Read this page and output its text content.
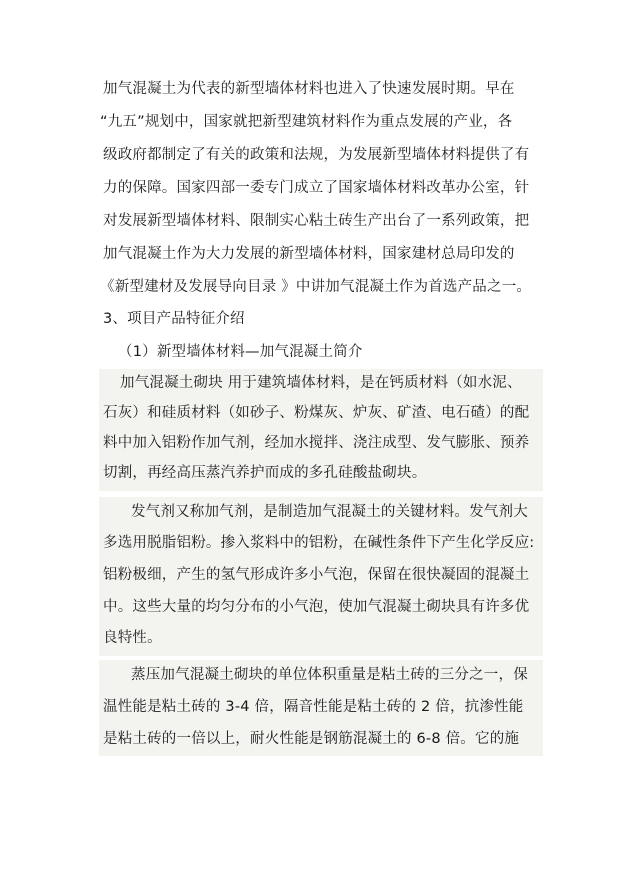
加气混凝土为代表的新型墙体材料也进入了快速发展时期。早在
“九五”规划中，国家就把新型建筑材料作为重点发展的产业，各
级政府都制定了有关的政策和法规，为发展新型墙体材料提供了有
力的保障。国家四部一委专门成立了国家墙体材料改革办公室，针
对发展新型墙体材料、限制实心粘土砖生产出台了一系列政策，把
加气混凝土作为大力发展的新型墙体材料，国家建材总局印发的
《新型建材及发展导向目录 》中讲加气混凝土作为首选产品之一。
3、项目产品特征介绍
（1）新型墙体材料—加气混凝土简介
加气混凝土砌块 用于建筑墙体材料，是在钙质材料（如水泥、
石灰）和硅质材料（如砂子、粉煤灰、炉灰、矿渣、电石碴）的配
料中加入铝粉作加气剂，经加水搅拌、浇注成型、发气膨胀、预养
切割，再经高压蒸汽养护而成的多孔硅酸盐砌块。
发气剂又称加气剂，是制造加气混凝土的关键材料。发气剂大
多选用脱脂铝粉。掺入浆料中的铝粉，在碱性条件下产生化学反应:
铝粉极细，产生的氢气形成许多小气泡，保留在很快凝固的混凝土
中。这些大量的均匀分布的小气泡，使加气混凝土砌块具有许多优
良特性。
蒸压加气混凝土砌块的单位体积重量是粘土砖的三分之一，保
温性能是粘土砖的 3-4 倍，隔音性能是粘土砖的 2 倍，抗渗性能
是粘土砖的一倍以上，耐火性能是钢筋混凝土的 6-8 倍。它的施
